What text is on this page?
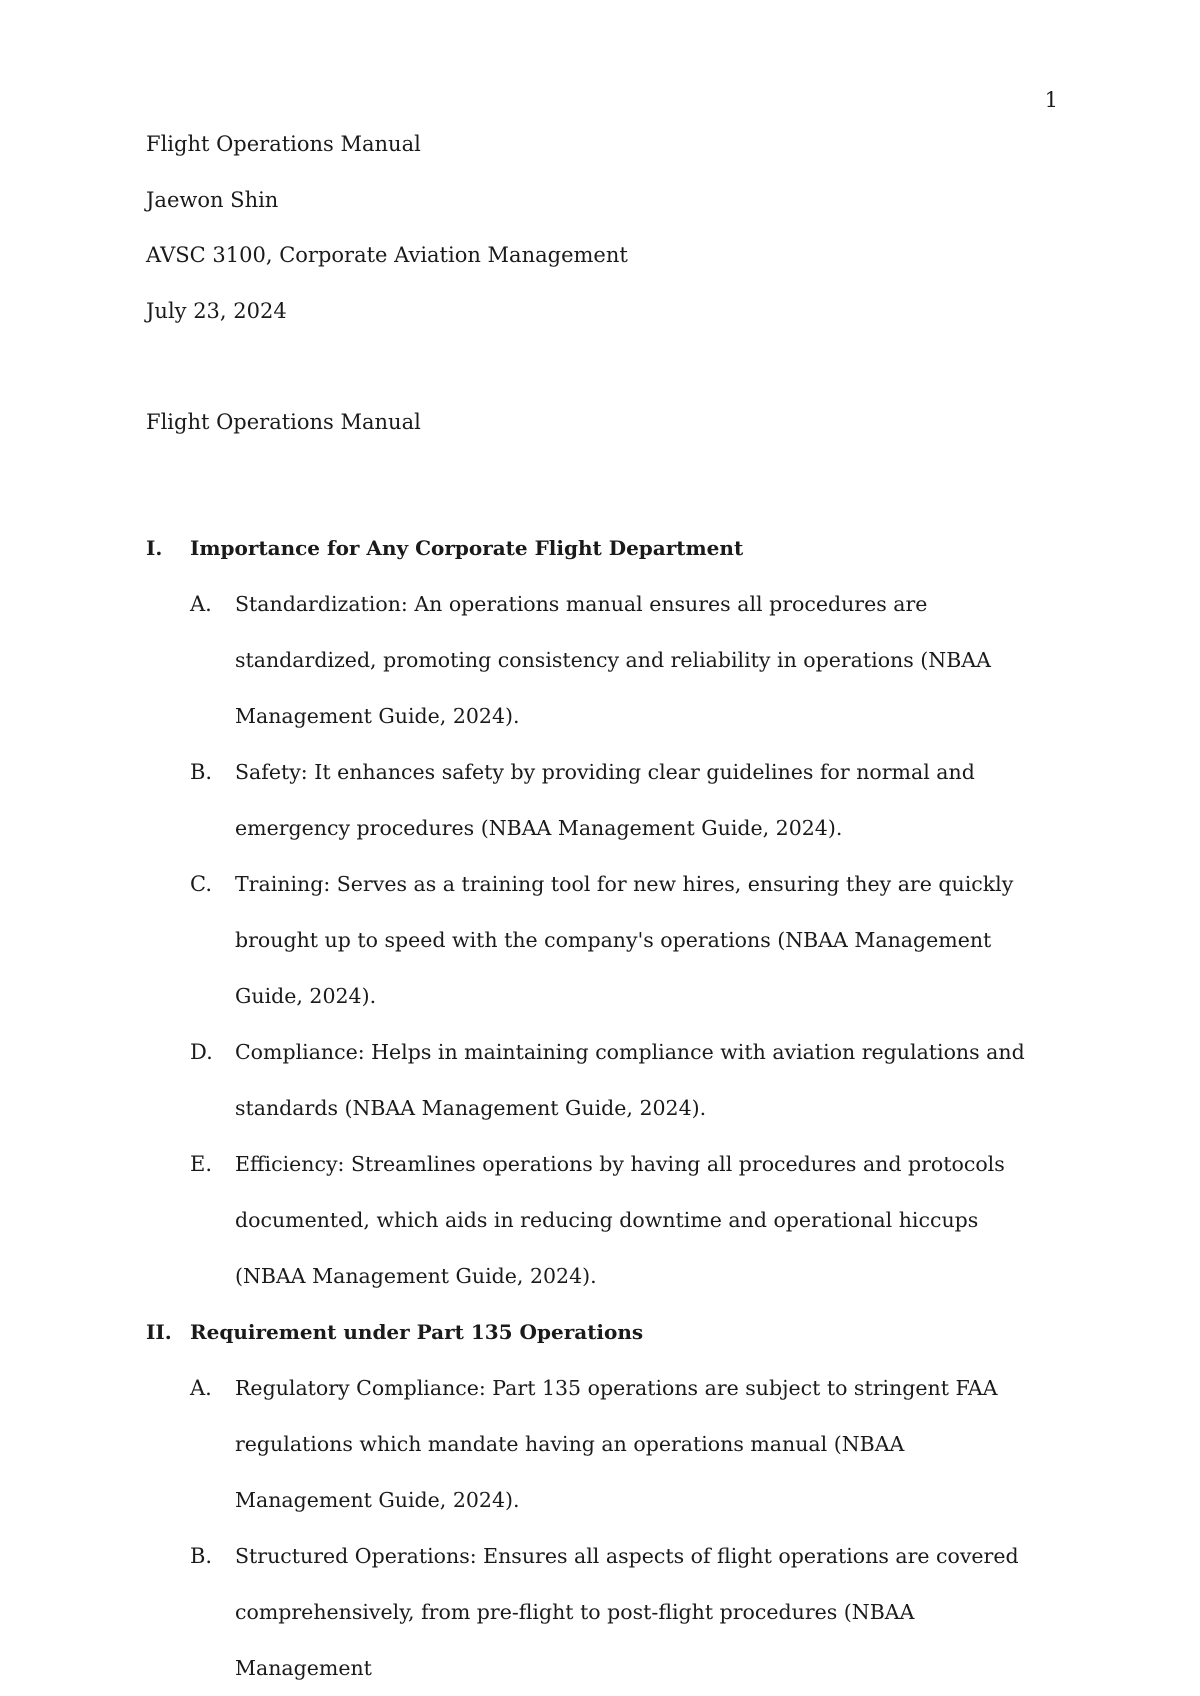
1
Flight Operations Manual
Jaewon Shin
AVSC 3100, Corporate Aviation Management
July 23, 2024
Flight Operations Manual
I.	Importance for Any Corporate Flight Department
A.	Standardization: An operations manual ensures all procedures are standardized, promoting consistency and reliability in operations (NBAA Management Guide, 2024).
B.	Safety: It enhances safety by providing clear guidelines for normal and emergency procedures (NBAA Management Guide, 2024).
C.	Training: Serves as a training tool for new hires, ensuring they are quickly brought up to speed with the company's operations (NBAA Management Guide, 2024).
D.	Compliance: Helps in maintaining compliance with aviation regulations and standards (NBAA Management Guide, 2024).
E.	Efficiency: Streamlines operations by having all procedures and protocols documented, which aids in reducing downtime and operational hiccups (NBAA Management Guide, 2024).
II. Requirement under Part 135 Operations
A.	Regulatory Compliance: Part 135 operations are subject to stringent FAA regulations which mandate having an operations manual (NBAA Management Guide, 2024).
B.	Structured Operations: Ensures all aspects of flight operations are covered comprehensively, from pre-flight to post-flight procedures (NBAA Management
